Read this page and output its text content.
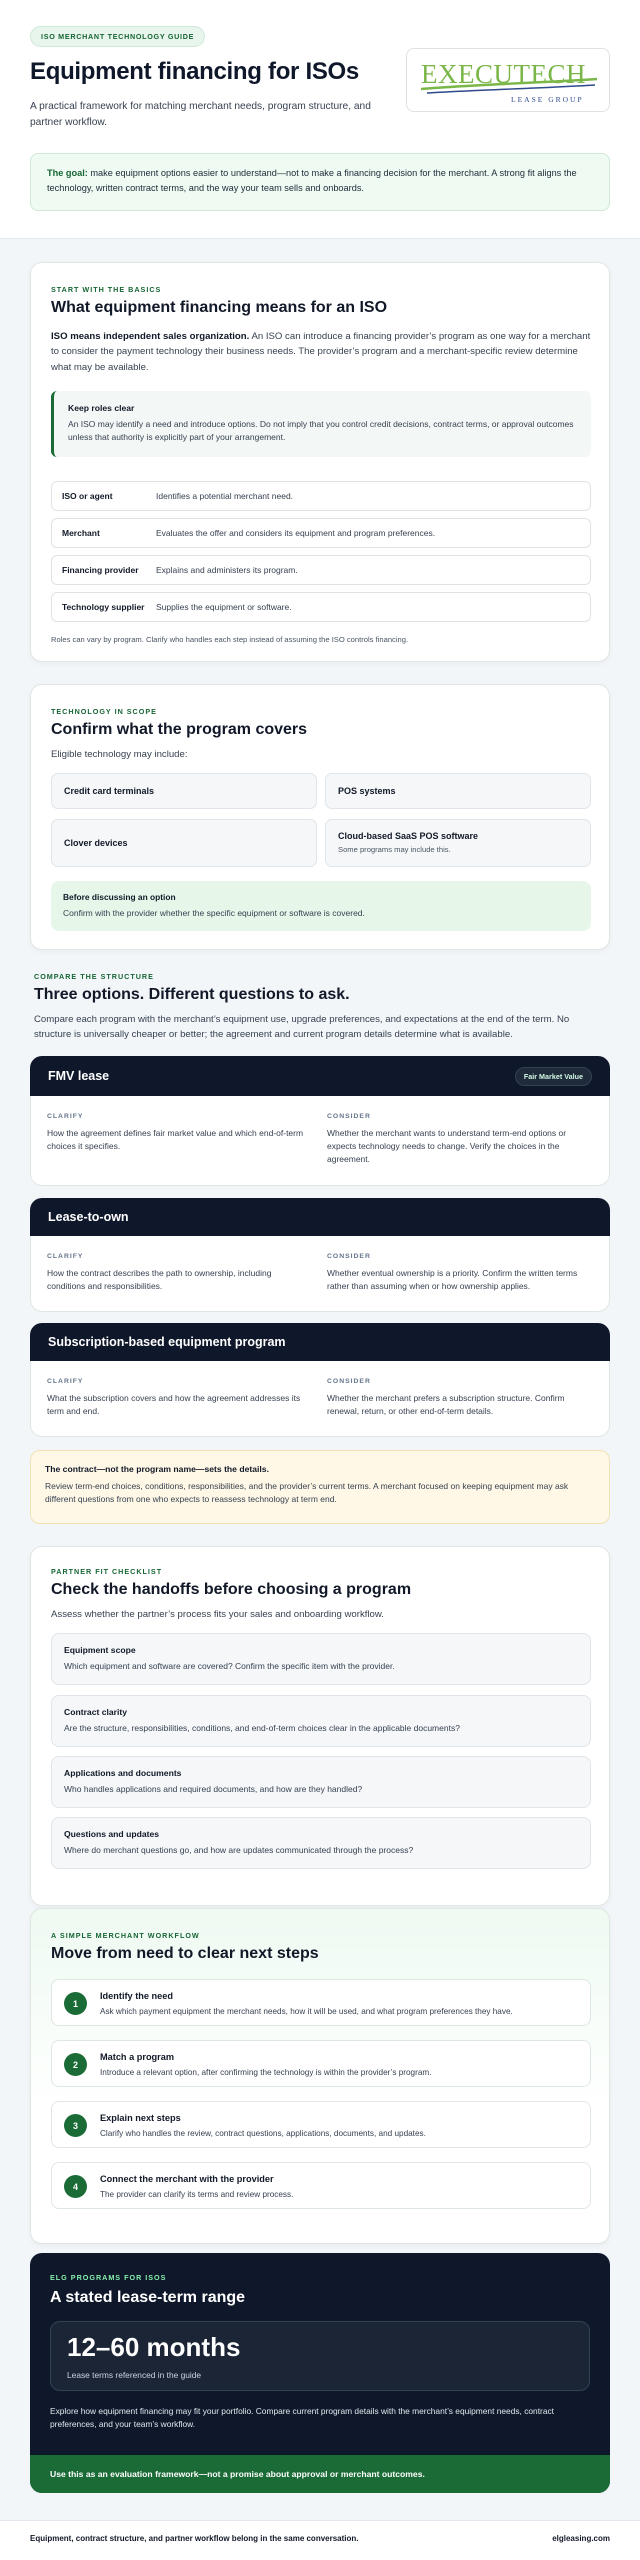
ISO MERCHANT TECHNOLOGY GUIDE
Equipment financing for ISOs
A practical framework for matching merchant needs, program structure, and partner workflow.
EXECUTECH
LEASE GROUP
The goal: make equipment options easier to understand—not to make a financing decision for the merchant. A strong fit aligns the technology, written contract terms, and the way your team sells and onboards.
START WITH THE BASICS
What equipment financing means for an ISO
ISO means independent sales organization. An ISO can introduce a financing provider’s program as one way for a merchant to consider the payment technology their business needs. The provider’s program and a merchant-specific review determine what may be available.
Keep roles clear
An ISO may identify a need and introduce options. Do not imply that you control credit decisions, contract terms, or approval outcomes unless that authority is explicitly part of your arrangement.
ISO or agent	Identifies a potential merchant need.
Merchant	Evaluates the offer and considers its equipment and program preferences.
Financing provider	Explains and administers its program.
Technology supplier	Supplies the equipment or software.
Roles can vary by program. Clarify who handles each step instead of assuming the ISO controls financing.
TECHNOLOGY IN SCOPE
Confirm what the program covers
Eligible technology may include:
Credit card terminals	POS systems
Clover devices
Cloud-based SaaS POS software
Some programs may include this.
Before discussing an option
Confirm with the provider whether the specific equipment or software is covered.
COMPARE THE STRUCTURE
Three options. Different questions to ask.
Compare each program with the merchant’s equipment use, upgrade preferences, and expectations at the end of the term. No structure is universally cheaper or better; the agreement and current program details determine what is available.
FMV lease	Fair Market Value
CLARIFY
How the agreement defines fair market value and which end-of-term choices it specifies.
CONSIDER
Whether the merchant wants to understand term-end options or expects technology needs to change. Verify the choices in the agreement.
Lease-to-own
CLARIFY
How the contract describes the path to ownership, including conditions and responsibilities.
CONSIDER
Whether eventual ownership is a priority. Confirm the written terms rather than assuming when or how ownership applies.
Subscription-based equipment program
CLARIFY
What the subscription covers and how the agreement addresses its term and end.
CONSIDER
Whether the merchant prefers a subscription structure. Confirm renewal, return, or other end-of-term details.
The contract—not the program name—sets the details.
Review term-end choices, conditions, responsibilities, and the provider’s current terms. A merchant focused on keeping equipment may ask different questions from one who expects to reassess technology at term end.
PARTNER FIT CHECKLIST
Check the handoffs before choosing a program
Assess whether the partner’s process fits your sales and onboarding workflow.
Equipment scope
Which equipment and software are covered? Confirm the specific item with the provider.
Contract clarity
Are the structure, responsibilities, conditions, and end-of-term choices clear in the applicable documents?
Applications and documents
Who handles applications and required documents, and how are they handled?
Questions and updates
Where do merchant questions go, and how are updates communicated through the process?
A SIMPLE MERCHANT WORKFLOW
Move from need to clear next steps
1
Identify the need
Ask which payment equipment the merchant needs, how it will be used, and what program preferences they have.
2
Match a program
Introduce a relevant option, after confirming the technology is within the provider’s program.
3
Explain next steps
Clarify who handles the review, contract questions, applications, documents, and updates.
4
Connect the merchant with the provider
The provider can clarify its terms and review process.
ELG PROGRAMS FOR ISOS
A stated lease-term range
12–60 months
Lease terms referenced in the guide
Explore how equipment financing may fit your portfolio. Compare current program details with the merchant’s equipment needs, contract preferences, and your team’s workflow.
Use this as an evaluation framework—not a promise about approval or merchant outcomes.
Equipment, contract structure, and partner workflow belong in the same conversation.	elgleasing.com
